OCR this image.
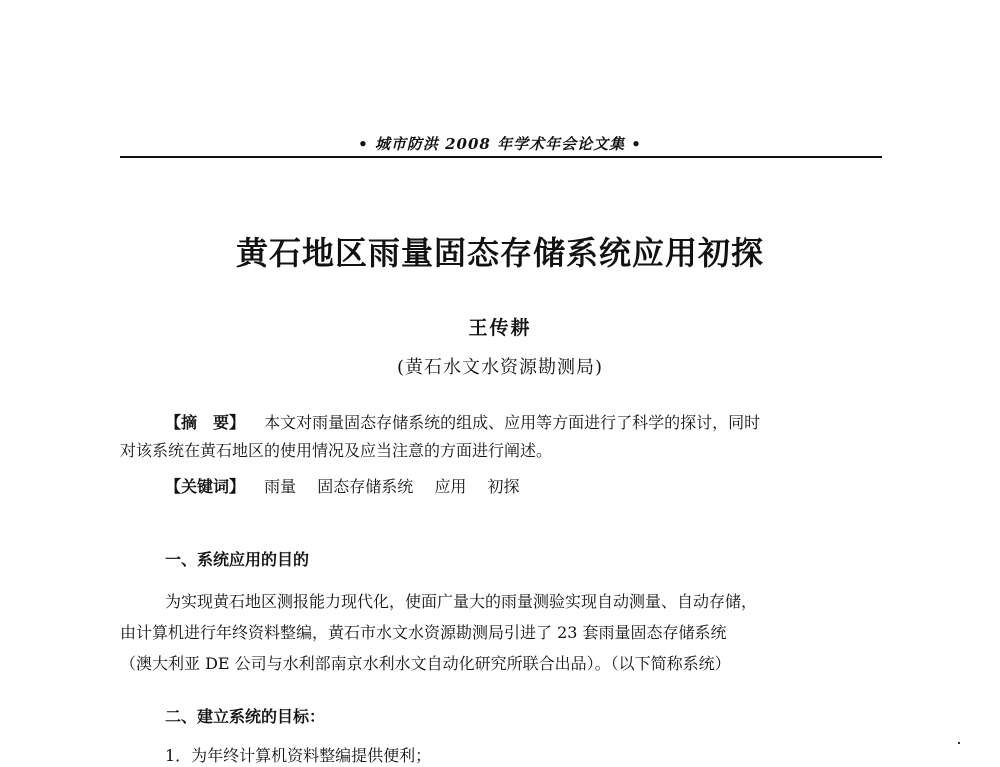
• 城市防洪 2008 年学术年会论文集 •
黄石地区雨量固态存储系统应用初探
王传耕
(黄石水文水资源勘测局)
【摘　要】 本文对雨量固态存储系统的组成、应用等方面进行了科学的探讨，同时
对该系统在黄石地区的使用情况及应当注意的方面进行阐述。
【关键词】 雨量 固态存储系统 应用 初探
一、系统应用的目的
为实现黄石地区测报能力现代化，使面广量大的雨量测验实现自动测量、自动存储，
由计算机进行年终资料整编，黄石市水文水资源勘测局引进了 23 套雨量固态存储系统
（澳大利亚 DE 公司与水利部南京水利水文自动化研究所联合出品）。（以下简称系统）
二、建立系统的目标：
1．为年终计算机资料整编提供便利；
